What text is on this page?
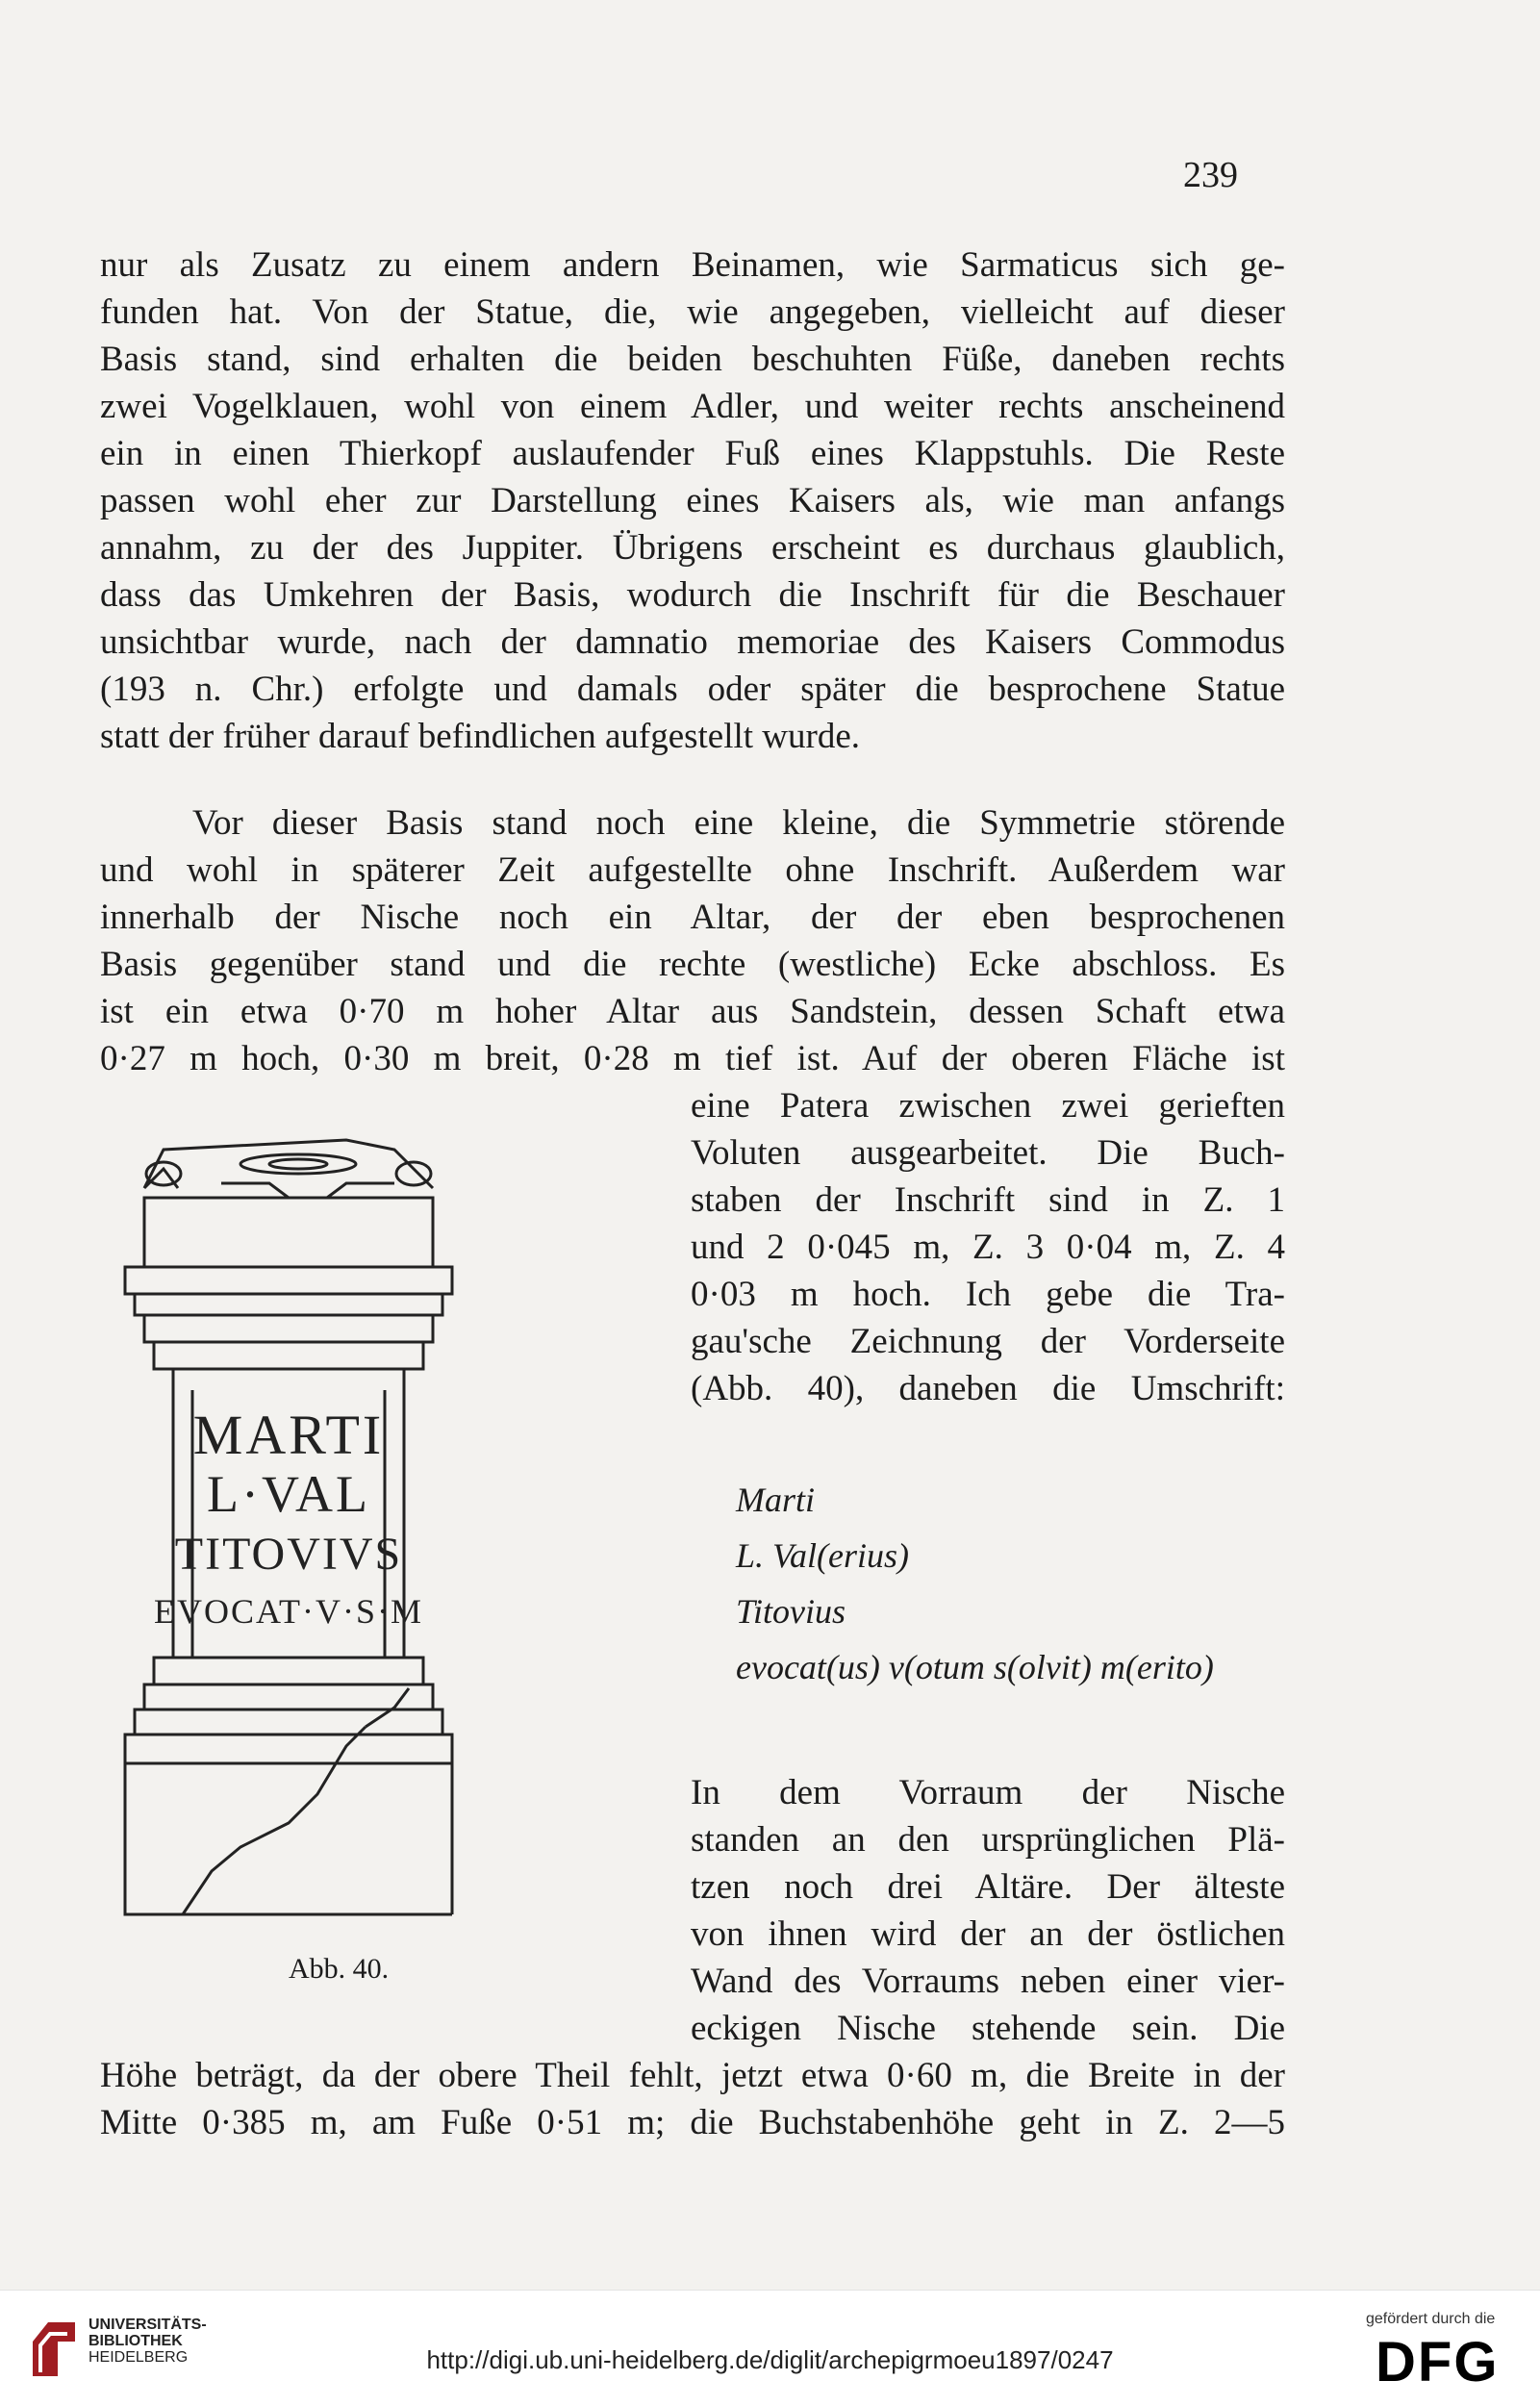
239
nur als Zusatz zu einem andern Beinamen, wie Sarmaticus sich ge-
funden hat. Von der Statue, die, wie angegeben, vielleicht auf dieser
Basis stand, sind erhalten die beiden beschuhten Füße, daneben rechts
zwei Vogelklauen, wohl von einem Adler, und weiter rechts anscheinend
ein in einen Thierkopf auslaufender Fuß eines Klappstuhls. Die Reste
passen wohl eher zur Darstellung eines Kaisers als, wie man anfangs
annahm, zu der des Juppiter. Übrigens erscheint es durchaus glaublich,
dass das Umkehren der Basis, wodurch die Inschrift für die Beschauer
unsichtbar wurde, nach der damnatio memoriae des Kaisers Commodus
(193 n. Chr.) erfolgte und damals oder später die besprochene Statue
statt der früher darauf befindlichen aufgestellt wurde.
Vor dieser Basis stand noch eine kleine, die Symmetrie störende
und wohl in späterer Zeit aufgestellte ohne Inschrift. Außerdem war
innerhalb der Nische noch ein Altar, der der eben besprochenen
Basis gegenüber stand und die rechte (westliche) Ecke abschloss. Es
ist ein etwa 0·70 m hoher Altar aus Sandstein, dessen Schaft etwa
0·27 m hoch, 0·30 m breit, 0·28 m tief ist. Auf der oberen Fläche ist
eine Patera zwischen zwei gerieften
Voluten ausgearbeitet. Die Buch-
staben der Inschrift sind in Z. 1
und 2 0·045 m, Z. 3 0·04 m, Z. 4
0·03 m hoch. Ich gebe die Tra-
gau'sche Zeichnung der Vorderseite
(Abb. 40), daneben die Umschrift:
Marti
L. Val(erius)
Titovius
evocat(us) v(otum s(olvit) m(erito)
In dem Vorraum der Nische
standen an den ursprünglichen Plä-
tzen noch drei Altäre. Der älteste
von ihnen wird der an der östlichen
Wand des Vorraums neben einer vier-
eckigen Nische stehende sein. Die
Höhe beträgt, da der obere Theil fehlt, jetzt etwa 0·60 m, die Breite in der
Mitte 0·385 m, am Fuße 0·51 m; die Buchstabenhöhe geht in Z. 2—5
MARTI
L·VAL
TITOVIVS
EVOCAT·V·S·M
Abb. 40.
UNIVERSITÄTS-
BIBLIOTHEK
HEIDELBERG	http://digi.ub.uni-heidelberg.de/diglit/archepigrmoeu1897/0247
gefördert durch die
DFG
